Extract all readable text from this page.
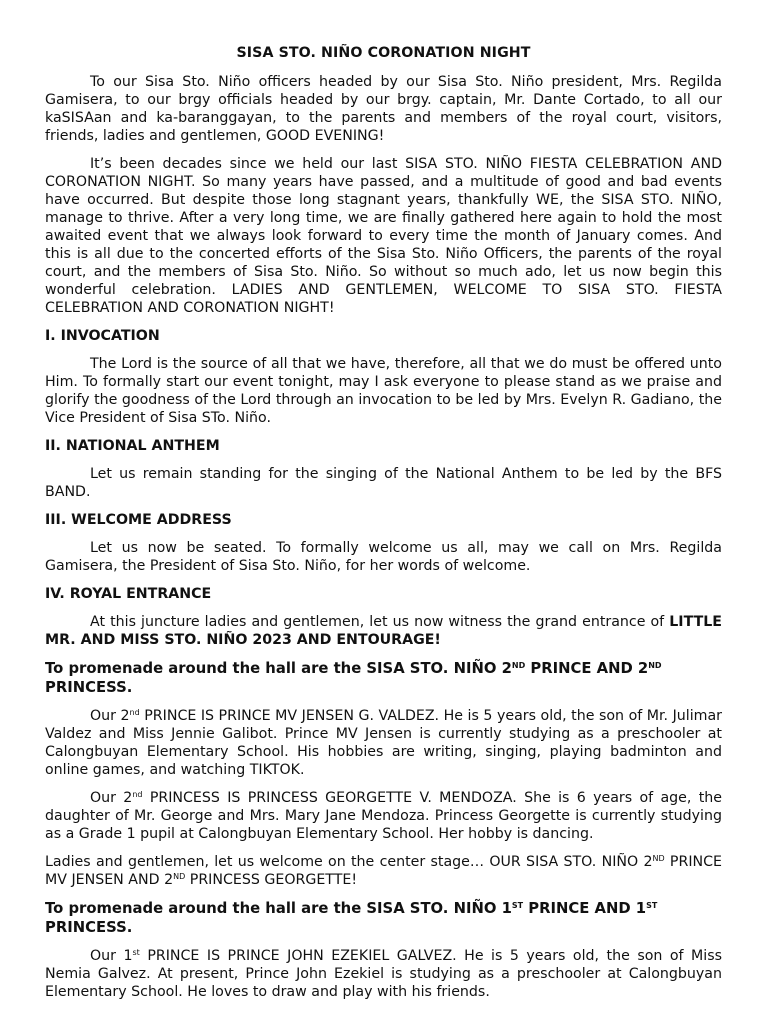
SISA STO. NIÑO CORONATION NIGHT

To our Sisa Sto. Niño officers headed by our Sisa Sto. Niño president, Mrs. Regilda Gamisera, to our brgy officials headed by our brgy. captain, Mr. Dante Cortado, to all our kaSISAan and ka-baranggayan, to the parents and members of the royal court, visitors, friends, ladies and gentlemen, GOOD EVENING!

It’s been decades since we held our last SISA STO. NIÑO FIESTA CELEBRATION AND CORONATION NIGHT. So many years have passed, and a multitude of good and bad events have occurred. But despite those long stagnant years, thankfully WE, the SISA STO. NIÑO, manage to thrive. After a very long time, we are finally gathered here again to hold the most awaited event that we always look forward to every time the month of January comes. And this is all due to the concerted efforts of the Sisa Sto. Niño Officers, the parents of the royal court, and the members of Sisa Sto. Niño. So without so much ado, let us now begin this wonderful celebration. LADIES AND GENTLEMEN, WELCOME TO SISA STO. FIESTA CELEBRATION AND CORONATION NIGHT!

I. INVOCATION

The Lord is the source of all that we have, therefore, all that we do must be offered unto Him. To formally start our event tonight, may I ask everyone to please stand as we praise and glorify the goodness of the Lord through an invocation to be led by Mrs. Evelyn R. Gadiano, the Vice President of Sisa STo. Niño.

II. NATIONAL ANTHEM

Let us remain standing for the singing of the National Anthem to be led by the BFS BAND.

III. WELCOME ADDRESS

Let us now be seated. To formally welcome us all, may we call on Mrs. Regilda Gamisera, the President of Sisa Sto. Niño, for her words of welcome.

IV. ROYAL ENTRANCE

At this juncture ladies and gentlemen, let us now witness the grand entrance of LITTLE MR. AND MISS STO. NIÑO 2023 AND ENTOURAGE!

To promenade around the hall are the SISA STO. NIÑO 2ND PRINCE AND 2ND PRINCESS.

Our 2nd PRINCE IS PRINCE MV JENSEN G. VALDEZ. He is 5 years old, the son of Mr. Julimar Valdez and Miss Jennie Galibot. Prince MV Jensen is currently studying as a preschooler at Calongbuyan Elementary School. His hobbies are writing, singing, playing badminton and online games, and watching TIKTOK.

Our 2nd PRINCESS IS PRINCESS GEORGETTE V. MENDOZA. She is 6 years of age, the daughter of Mr. George and Mrs. Mary Jane Mendoza. Princess Georgette is currently studying as a Grade 1 pupil at Calongbuyan Elementary School. Her hobby is dancing.

Ladies and gentlemen, let us welcome on the center stage… OUR SISA STO. NIÑO 2ND PRINCE MV JENSEN AND 2ND PRINCESS GEORGETTE!

To promenade around the hall are the SISA STO. NIÑO 1ST PRINCE AND 1ST PRINCESS.

Our 1st PRINCE IS PRINCE JOHN EZEKIEL GALVEZ. He is 5 years old, the son of Miss Nemia Galvez. At present, Prince John Ezekiel is studying as a preschooler at Calongbuyan Elementary School. He loves to draw and play with his friends.
